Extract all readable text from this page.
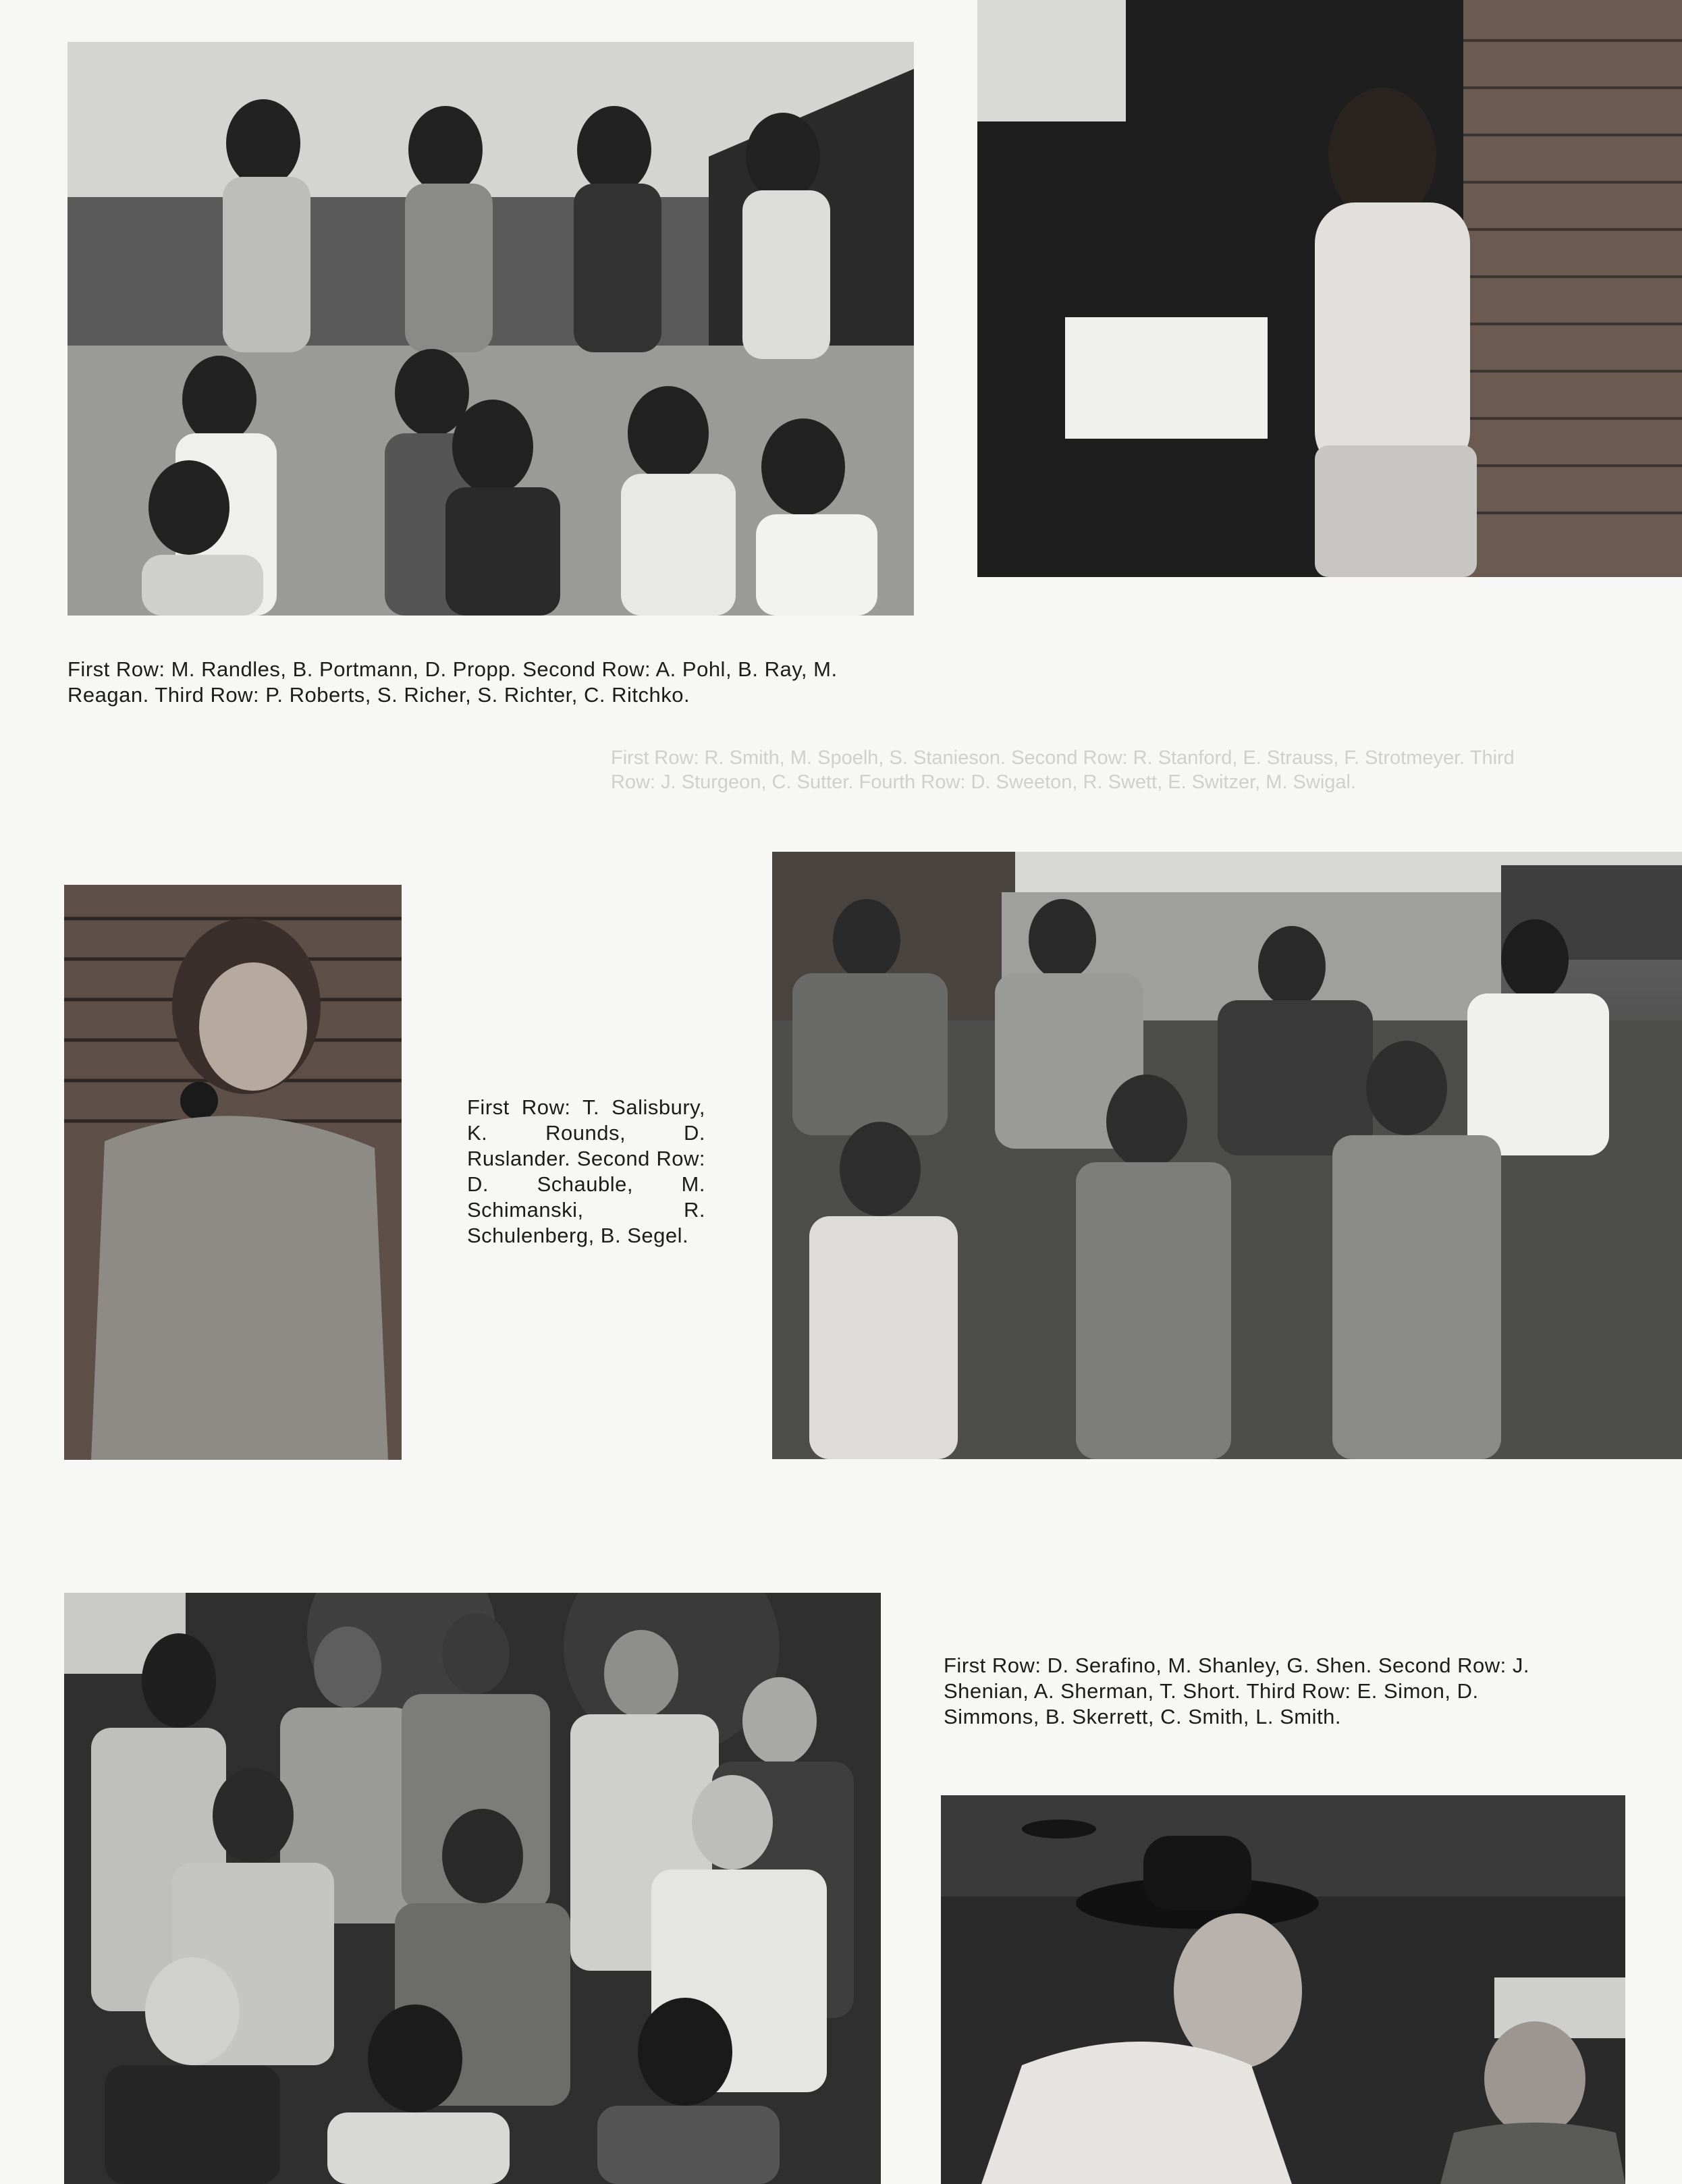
First Row: M. Randles, B. Portmann, D. Propp. Second Row: A. Pohl, B. Ray, M. Reagan. Third Row: P. Roberts, S. Richer, S. Richter, C. Ritchko.

First Row: R. Smith, M. Spoelh, S. Stanieson. Second Row: R. Stanford, E. Strauss, F. Strotmeyer. Third Row: J. Sturgeon, C. Sutter. Fourth Row: D. Sweeton, R. Swett, E. Switzer, M. Swigal.

First Row: T. Salisbury, K. Rounds, D. Ruslander. Second Row: D. Schauble, M. Schimanski, R. Schulenberg, B. Segel.

First Row: D. Serafino, M. Shanley, G. Shen. Second Row: J. Shenian, A. Sherman, T. Short. Third Row: E. Simon, D. Simmons, B. Skerrett, C. Smith, L. Smith.
